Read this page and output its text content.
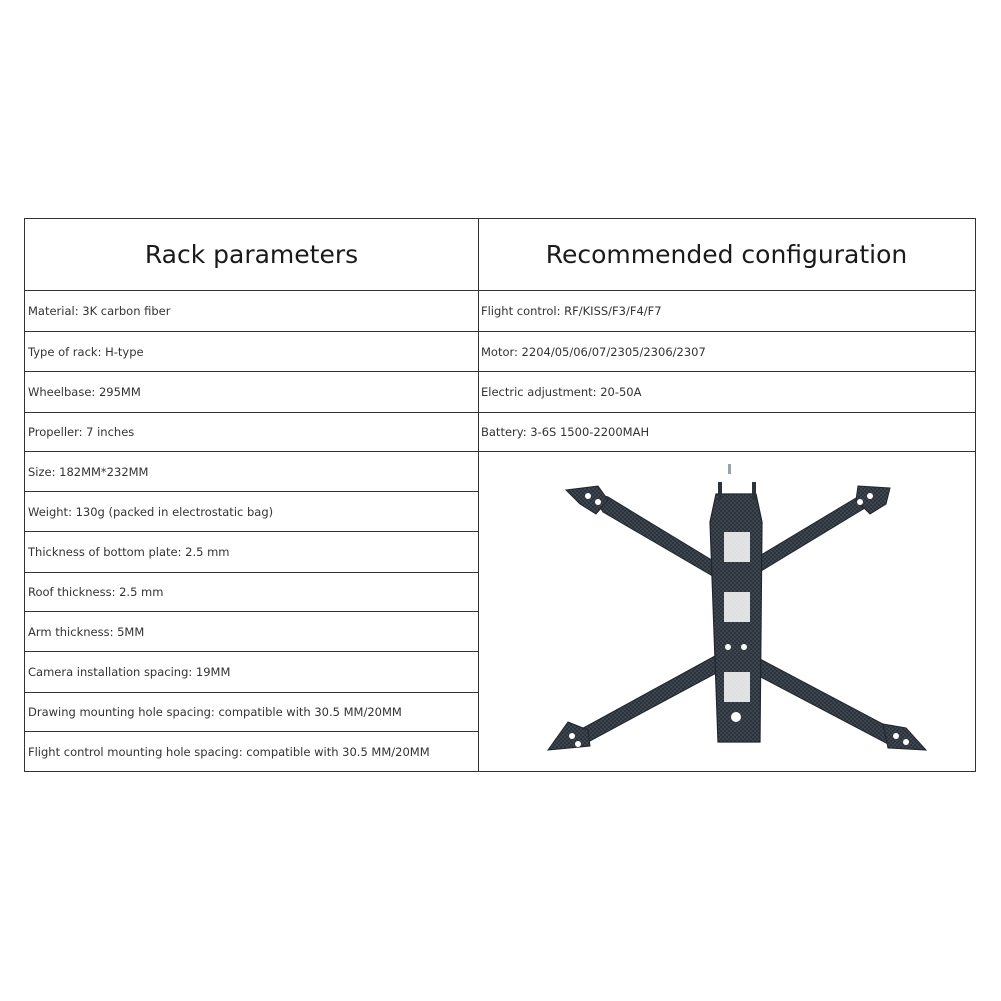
Rack parameters
Material: 3K carbon fiber
Type of rack: H-type
Wheelbase: 295MM
Propeller: 7 inches
Size: 182MM*232MM
Weight: 130g (packed in electrostatic bag)
Thickness of bottom plate: 2.5 mm
Roof thickness: 2.5 mm
Arm thickness: 5MM
Camera installation spacing: 19MM
Drawing mounting hole spacing: compatible with 30.5 MM/20MM
Flight control mounting hole spacing: compatible with 30.5 MM/20MM
Recommended configuration
Flight control: RF/KISS/F3/F4/F7
Motor: 2204/05/06/07/2305/2306/2307
Electric adjustment: 20-50A
Battery: 3-6S 1500-2200MAH
